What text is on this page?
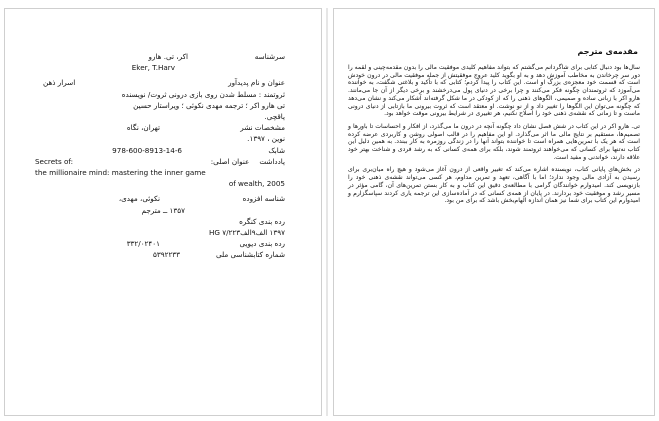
سرشناسه
اکر، تی. هارو
Eker, T.Harv
عنوان و نام پدیدآور
اسرار ذهن
ثروتمند : مسلط شدن روی بازی درونی ثروت/ نویسنده
تی هارو اکر ؛ ترجمه مهدی نکوئی ؛ ویراستار حسین
یاقچی.
مشخصات نشر
تهران، نگاه
نوین ، ۱۳۹۷.
شابک
978-600-8913-14-6
یادداشت
عنوان اصلی:
Secrets of:
the millionaire mind: mastering the inner game
of wealth, 2005
شناسه افزوده
نکوئی، مهدی،
۱۳۵۷ ــ مترجم
رده بندی کنگره
۱۳۹۷ الف۹الف۷/۲۲۳ HG
رده بندی دیویی
۳۳۲/۰۲۴۰۱
شماره کتابشناسی ملی
۵۳۹۲۲۳۳
مقدمه‌ی مترجم

سال‌ها بود دنبال کتابی برای شاگردانم می‌گشتم که بتواند مفاهیم کلیدی موفقیت مالی را بدون مقدمه‌چینی و لقمه را دور سر چرخاندن به مخاطب آموزش دهد و به او بگوید کلید عروج موفقیتش از جمله موفقیت مالی در درون خودش است که قسمت خود معجزه‌ی بزرگ او است. این کتاب را پیدا کردم؛ کتابی که با تأکید و بلاغتی شگفت، به خواننده می‌آموزد که ثروتمندان چگونه فکر می‌کنند و چرا برخی در دنیای پول می‌درخشند و برخی دیگر از آن جا می‌مانند. هارو اکر با زبانی ساده و صمیمی، الگوهای ذهنی را که از کودکی در ما شکل گرفته‌اند آشکار می‌کند و نشان می‌دهد که چگونه می‌توان این الگوها را تغییر داد و از نو نوشت. او معتقد است که ثروت بیرونی ما بازتابی از دنیای درونی ماست و تا زمانی که نقشه‌ی ذهنی خود را اصلاح نکنیم، هر تغییری در شرایط بیرونی موقت خواهد بود.

تی. هارو اکر در این کتاب در شش فصل نشان داد چگونه آنچه در درون ما می‌گذرد، از افکار و احساسات تا باورها و تصمیم‌ها، مستقیم بر نتایج مالی ما اثر می‌گذارد. او این مفاهیم را در قالب اصولی روشن و کاربردی عرضه کرده است که هر یک با تمرین‌هایی همراه است تا خواننده بتواند آنها را در زندگی روزمره به کار ببندد. به همین دلیل این کتاب نه‌تنها برای کسانی که می‌خواهند ثروتمند شوند، بلکه برای همه‌ی کسانی که به رشد فردی و شناخت بهتر خود علاقه دارند، خواندنی و مفید است.

در بخش‌های پایانی کتاب، نویسنده اشاره می‌کند که تغییر واقعی از درون آغاز می‌شود و هیچ راه میان‌بری برای رسیدن به آزادی مالی وجود ندارد؛ اما با آگاهی، تعهد و تمرین مداوم، هر کسی می‌تواند نقشه‌ی ذهنی خود را بازنویسی کند. امیدوارم خوانندگان گرامی با مطالعه‌ی دقیق این کتاب و به کار بستن تمرین‌های آن، گامی مؤثر در مسیر رشد و موفقیت خود بردارند. در پایان از همه‌ی کسانی که در آماده‌سازی این ترجمه یاری کردند سپاسگزارم و امیدوارم این کتاب برای شما نیز همان اندازه الهام‌بخش باشد که برای من بود.
